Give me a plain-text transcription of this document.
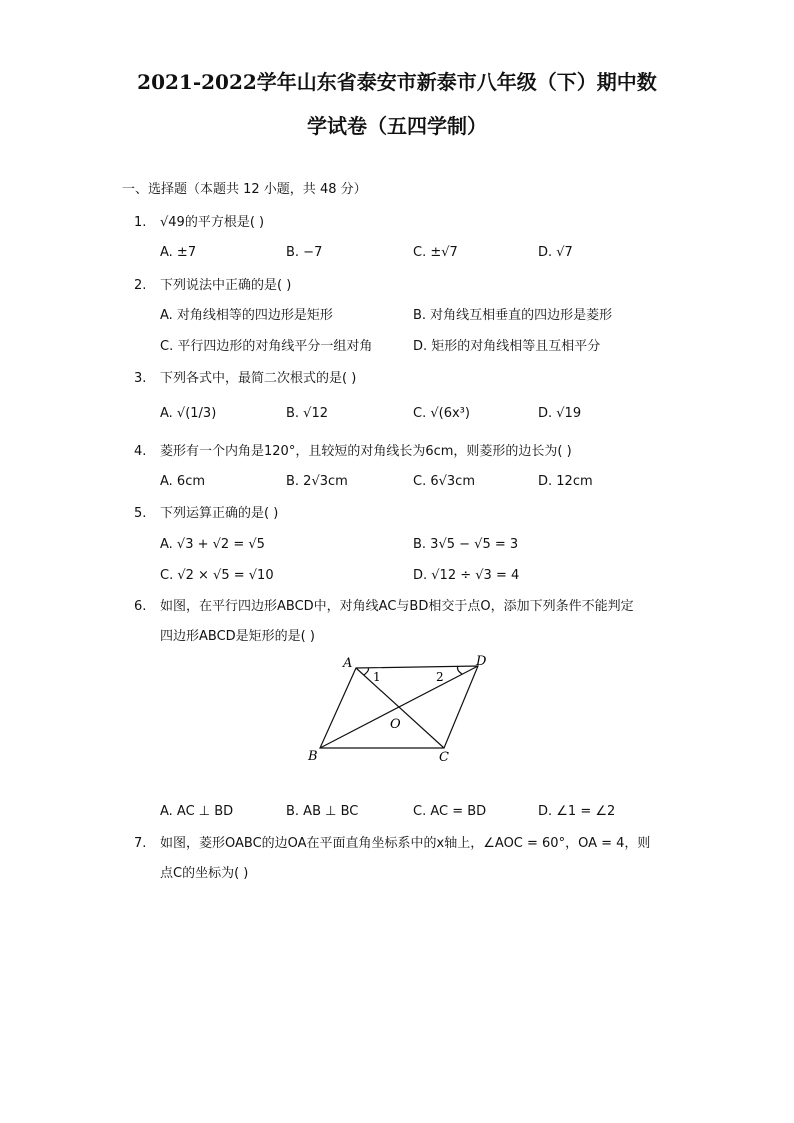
2021-2022学年山东省泰安市新泰市八年级（下）期中数
学试卷（五四学制）
一、选择题（本题共 12 小题，共 48 分）
1. √49的平方根是( )
A. ±7	B. −7	C. ±√7	D. √7
2. 下列说法中正确的是( )
A. 对角线相等的四边形是矩形	B. 对角线互相垂直的四边形是菱形
C. 平行四边形的对角线平分一组对角	D. 矩形的对角线相等且互相平分
3. 下列各式中，最简二次根式的是( )
A. √(1/3)	B. √12	C. √(6x³)	D. √19
4. 菱形有一个内角是120°，且较短的对角线长为6cm，则菱形的边长为( )
A. 6cm	B. 2√3cm	C. 6√3cm	D. 12cm
5. 下列运算正确的是( )
A. √3 + √2 = √5	B. 3√5 − √5 = 3
C. √2 × √5 = √10	D. √12 ÷ √3 = 4
6. 如图，在平行四边形ABCD中，对角线AC与BD相交于点O，添加下列条件不能判定
四边形ABCD是矩形的是( )
A	D
B	C
O
1	2
A. AC ⊥ BD	B. AB ⊥ BC	C. AC = BD	D. ∠1 = ∠2
7. 如图，菱形OABC的边OA在平面直角坐标系中的x轴上，∠AOC = 60°，OA = 4，则
点C的坐标为( )
